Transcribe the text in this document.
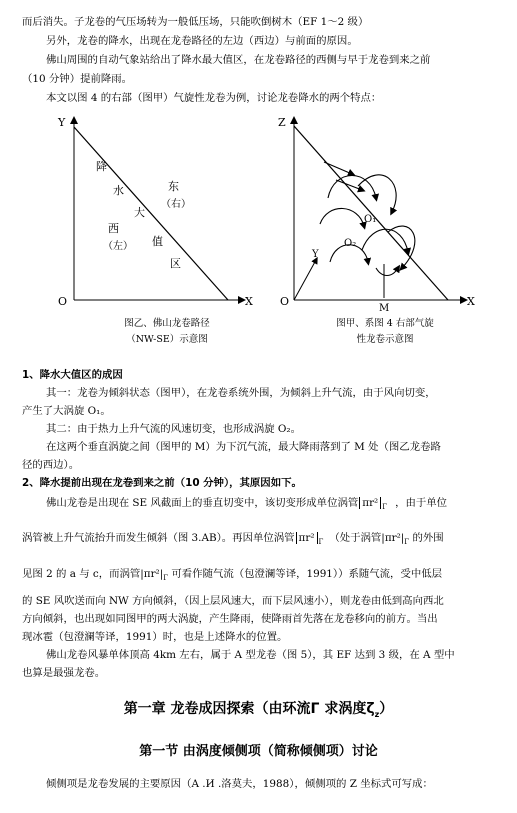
而后消失。子龙卷的气压场转为一般低压场，只能吹倒树木（EF 1～2 级）
另外，龙卷的降水，出现在龙卷路径的左边（西边）与前面的原因。
佛山周围的自动气象站给出了降水最大值区，在龙卷路径的西侧与早于龙卷到来之前
（10 分钟）提前降雨。
本文以图 4 的右部（图甲）气旋性龙卷为例，讨论龙卷降水的两个特点：
Y
X
O
降
水
大
值
区
西
（左）
东
（右）
图乙、佛山龙卷路径
（NW-SE）示意图
Z
X
O
Y
O₁
O₂
M
图甲、系图 4 右部气旋
性龙卷示意图
1、降水大值区的成因
其一：龙卷为倾斜状态（图甲），在龙卷系统外围，为倾斜上升气流，由于风向切变，
产生了大涡旋 O₁。
其二：由于热力上升气流的风速切变，也形成涡旋 O₂。
在这两个垂直涡旋之间（图甲的 M）为下沉气流，最大降雨落到了 M 处（图乙龙卷路
径的西边）。
2、降水提前出现在龙卷到来之前（10 分钟），其原因如下。
佛山龙卷是出现在 SE 风截面上的垂直切变中，该切变形成单位涡管 πr² $_\Gamma$ ，由于单位
涡管被上升气流抬升而发生倾斜（图 3.AB）。再因单位涡管 πr² $_\Gamma$ （处于涡管$|\pi r^2|_\Gamma$ 的外围
见图 2 的 a 与 c，而涡管$|\pi r^2|_\Gamma$ 可看作随气流（包澄澜等译，1991））系随气流，受中低层
的 SE 风吹送而向 NW 方向倾斜，（因上层风速大，而下层风速小），则龙卷由低到高向西北
方向倾斜，也出现如同图甲的两大涡旋，产生降雨，使降雨首先落在龙卷移向的前方。当出
现冰雹（包澄澜等译，1991）时，也是上述降水的位置。
佛山龙卷风暴单体顶高 4km 左右，属于 A 型龙卷（图 5），其 EF 达到 3 级，在 A 型中
也算是最强龙卷。
第一章 龙卷成因探索（由环流Γ 求涡度$\zeta_z$）
第一节 由涡度倾侧项（简称倾侧项）讨论
倾侧项是龙卷发展的主要原因（A .И .洛莫夫，1988），倾侧项的 Z 坐标式可写成：
